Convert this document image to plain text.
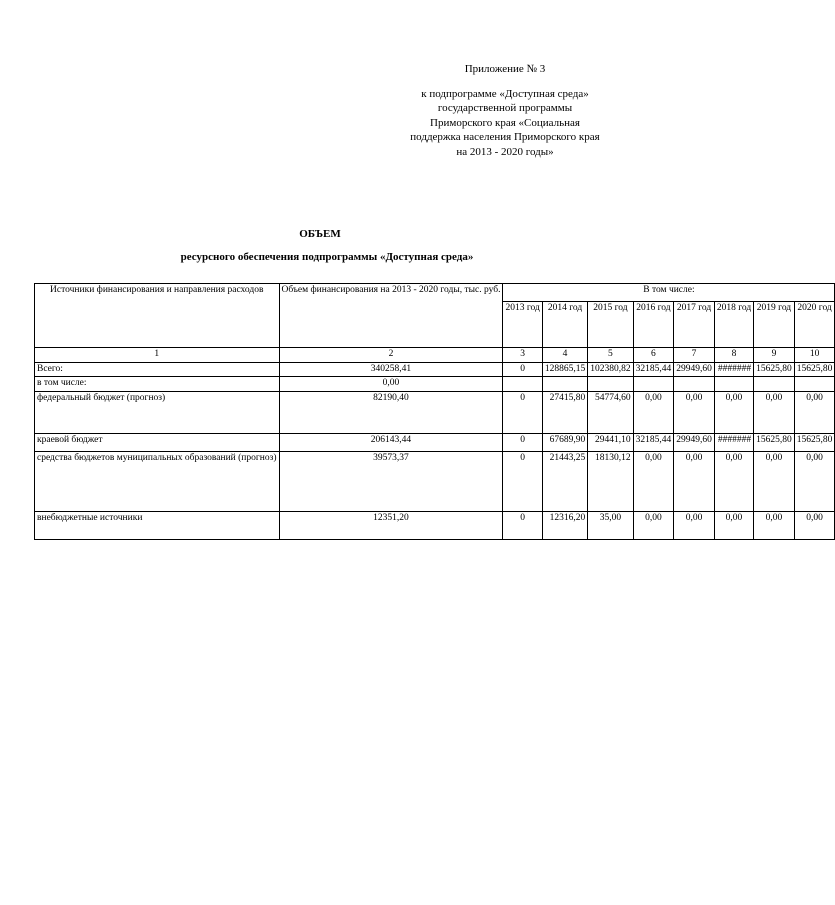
Приложение № 3
к подпрограмме «Доступная среда»
государственной программы
Приморского края «Социальная
поддержка населения Приморского края
на 2013 - 2020 годы»
ОБЪЕМ
ресурсного обеспечения подпрограммы «Доступная среда»
Источники финансирования и направления расходов	Объем финансирования на 2013 - 2020 годы, тыс. руб.	В том числе:							
		2013 год	2014 год	2015 год	2016 год	2017 год	2018 год	2019 год	2020 год
1	2	3	4	5	6	7	8	9	10
Всего:	340258,41	0	128865,15	102380,82	32185,44	29949,60	#######	15625,80	15625,80
в том числе:	0,00								
федеральный бюджет (прогноз)	82190,40	0	27415,80	54774,60	0,00	0,00	0,00	0,00	0,00
краевой бюджет	206143,44	0	67689,90	29441,10	32185,44	29949,60	#######	15625,80	15625,80
средства бюджетов муниципальных образований (прогноз)	39573,37	0	21443,25	18130,12	0,00	0,00	0,00	0,00	0,00
внебюджетные источники	12351,20	0	12316,20	35,00	0,00	0,00	0,00	0,00	0,00
